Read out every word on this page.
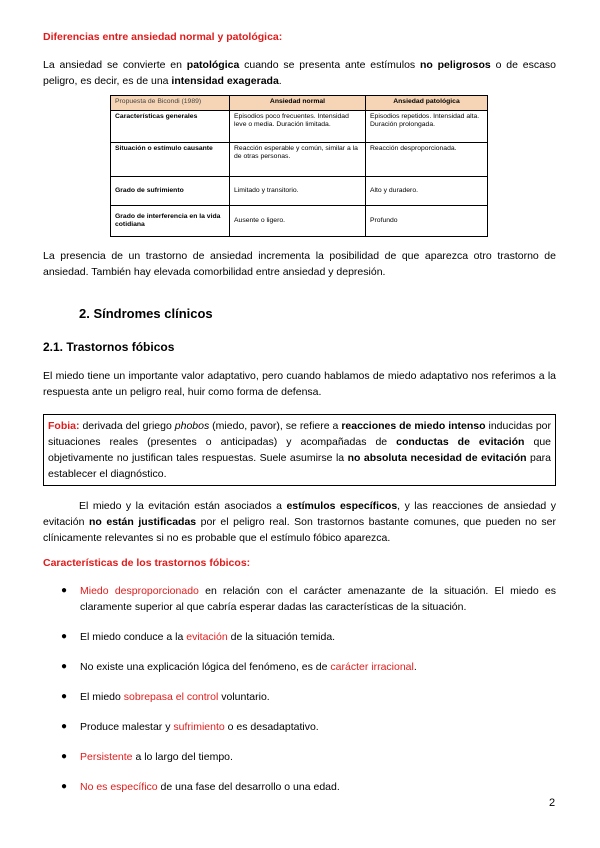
Diferencias entre ansiedad normal y patológica:

La ansiedad se convierte en patológica cuando se presenta ante estímulos no peligrosos o de escaso peligro, es decir, es de una intensidad exagerada.

Propuesta de Bicondi (1989)	Ansiedad normal	Ansiedad patológica
Características generales	Episodios poco frecuentes. Intensidad leve o media. Duración limitada.	Episodios repetidos. Intensidad alta. Duración prolongada.
Situación o estímulo causante	Reacción esperable y común, similar a la de otras personas.	Reacción desproporcionada.
Grado de sufrimiento	Limitado y transitorio.	Alto y duradero.
Grado de interferencia en la vida cotidiana	Ausente o ligero.	Profundo

La presencia de un trastorno de ansiedad incrementa la posibilidad de que aparezca otro trastorno de ansiedad. También hay elevada comorbilidad entre ansiedad y depresión.

2. Síndromes clínicos
2.1. Trastornos fóbicos

El miedo tiene un importante valor adaptativo, pero cuando hablamos de miedo adaptativo nos referimos a la respuesta ante un peligro real, huir como forma de defensa.

Fobia: derivada del griego phobos (miedo, pavor), se refiere a reacciones de miedo intenso inducidas por situaciones reales (presentes o anticipadas) y acompañadas de conductas de evitación que objetivamente no justifican tales respuestas. Suele asumirse la no absoluta necesidad de evitación para establecer el diagnóstico.

El miedo y la evitación están asociados a estímulos específicos, y las reacciones de ansiedad y evitación no están justificadas por el peligro real. Son trastornos bastante comunes, que pueden no ser clínicamente relevantes si no es probable que el estímulo fóbico aparezca.

Características de los trastornos fóbicos:
● Miedo desproporcionado en relación con el carácter amenazante de la situación. El miedo es claramente superior al que cabría esperar dadas las características de la situación.
● El miedo conduce a la evitación de la situación temida.
● No existe una explicación lógica del fenómeno, es de carácter irracional.
● El miedo sobrepasa el control voluntario.
● Produce malestar y sufrimiento o es desadaptativo.
● Persistente a lo largo del tiempo.
● No es específico de una fase del desarrollo o una edad.
2
